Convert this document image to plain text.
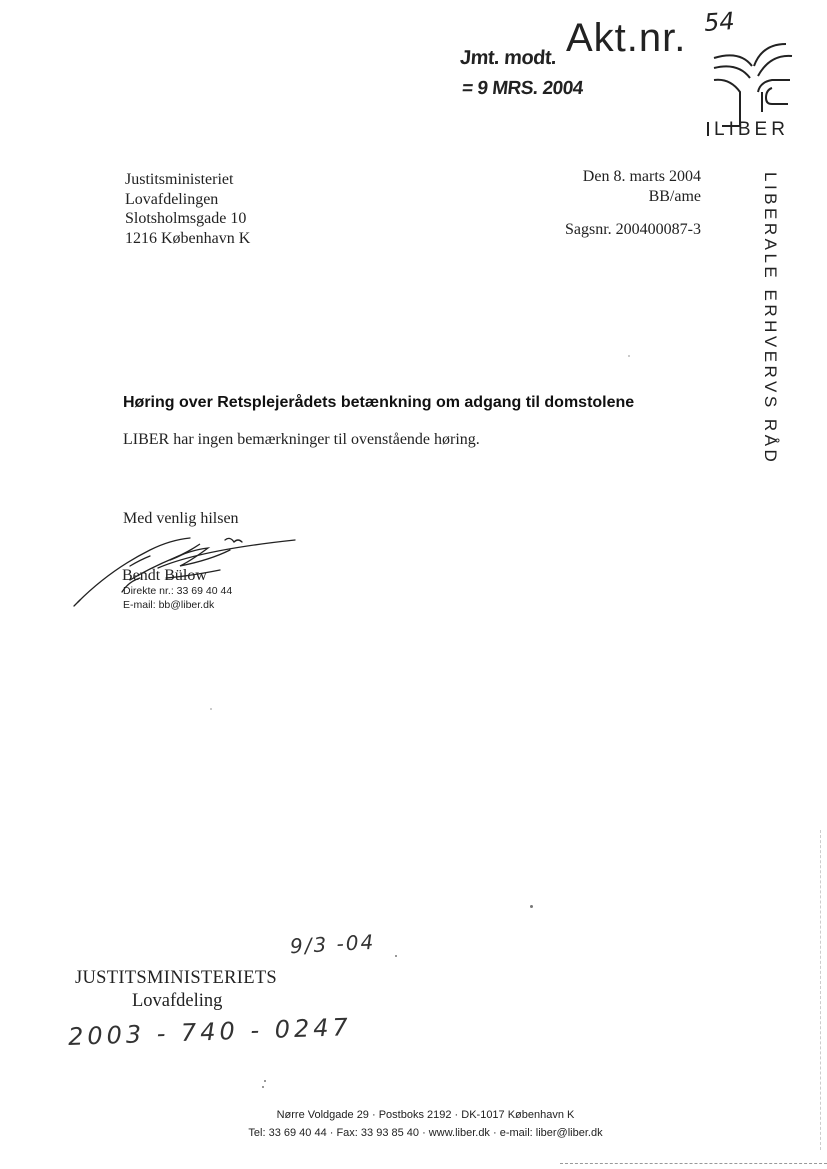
Jmt. modt.
= 9 MRS. 2004
Akt.nr. 54
LIBER
LIBERALE ERHVERVS RÅD
Justitsministeriet
Lovafdelingen
Slotsholmsgade 10
1216 København K
Den 8. marts 2004
BB/ame
Sagsnr. 200400087-3
Høring over Retsplejerådets betænkning om adgang til domstolene
LIBER har ingen bemærkninger til ovenstående høring.
Med venlig hilsen
Bendt Bülow
Direkte nr.: 33 69 40 44
E-mail: bb@liber.dk
9/3 -04
JUSTITSMINISTERIETS
Lovafdeling
2003 - 740 - 0247
Nørre Voldgade 29 · Postboks 2192 · DK-1017 København K
Tel: 33 69 40 44 · Fax: 33 93 85 40 · www.liber.dk · e-mail: liber@liber.dk
